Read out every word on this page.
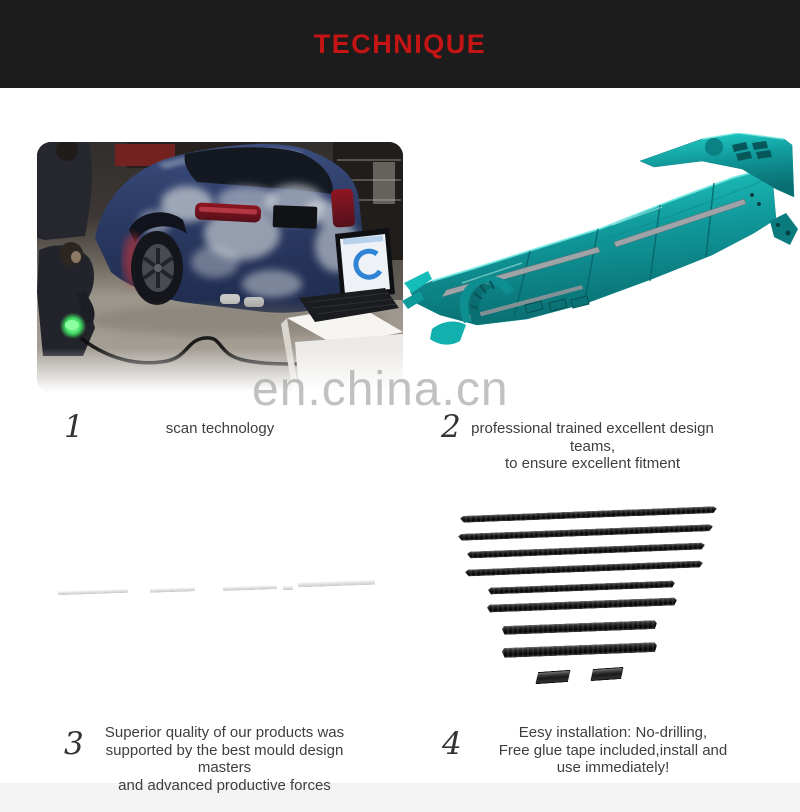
TECHNIQUE
en.china.cn
1	scan technology	2 professional trained excellent design teams,
to ensure excellent fitment
3	Superior quality of our products was
supported by the best mould design masters
and advanced productive forces
4	Eesy installation: No-drilling,
Free glue tape included,install and
use immediately!
